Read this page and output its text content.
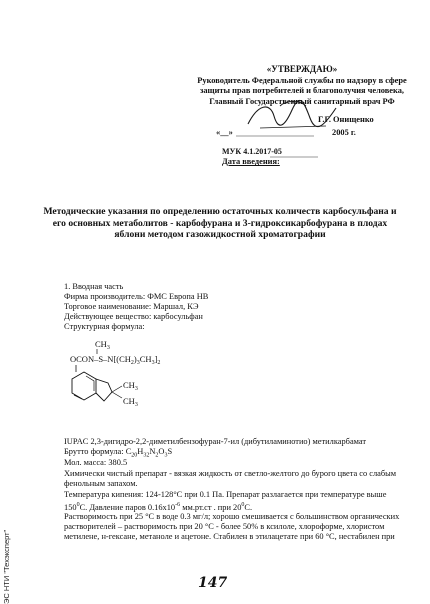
«УТВЕРЖДАЮ»
Руководитель Федеральной службы по надзору в сфере
защиты прав потребителей и благополучия человека,
Главный Государственный санитарный врач РФ
Г.Г. Онищенко
«__»	2005 г.
МУК 4.1.2017-05
Дата введения:
Методические указания по определению остаточных количеств карбосульфана и его основных метаболитов - карбофурана и 3-гидроксикарбофурана в плодах яблони методом газожидкостной хроматографии
1. Вводная часть
Фирма производитель: ФМС Европа НВ
Торговое наименование: Маршал, КЭ
Действующее вещество: карбосульфан
Структурная формула:
$CH_3$
OCON–$S-N[(CH_2)_3CH_3]_2$
$CH_3$
$CH_3$
IUPAC 2,3-дигидро-2,2-диметилбензофуран-7-ил (дибутиламинотио) метилкарбамат
Брутто формула: $C_{20}H_{32}N_2O_3S$
Мол. масса: 380.5
Химически чистый препарат - вязкая жидкость от светло-желтого до бурого цвета со слабым
фенольным запахом.
Температура кипения: 124-128°С при 0.1 Па. Препарат разлагается при температуре выше
$150^0С$. Давление паров $0.16х10^{-6}$ мм.рт.ст . при $20^0С$.
Растворимость при 25 °С в воде 0.3 мг/л; хорошо смешивается с большинством органических
растворителей – растворимость при 20 °С - более 50% в ксилоле, хлороформе, хлористом
метилене, н-гексане, метаноле и ацетоне. Стабилен в этилацетате при 60 °С, нестабилен при
147
ЭС НТИ "Техэксперт"
